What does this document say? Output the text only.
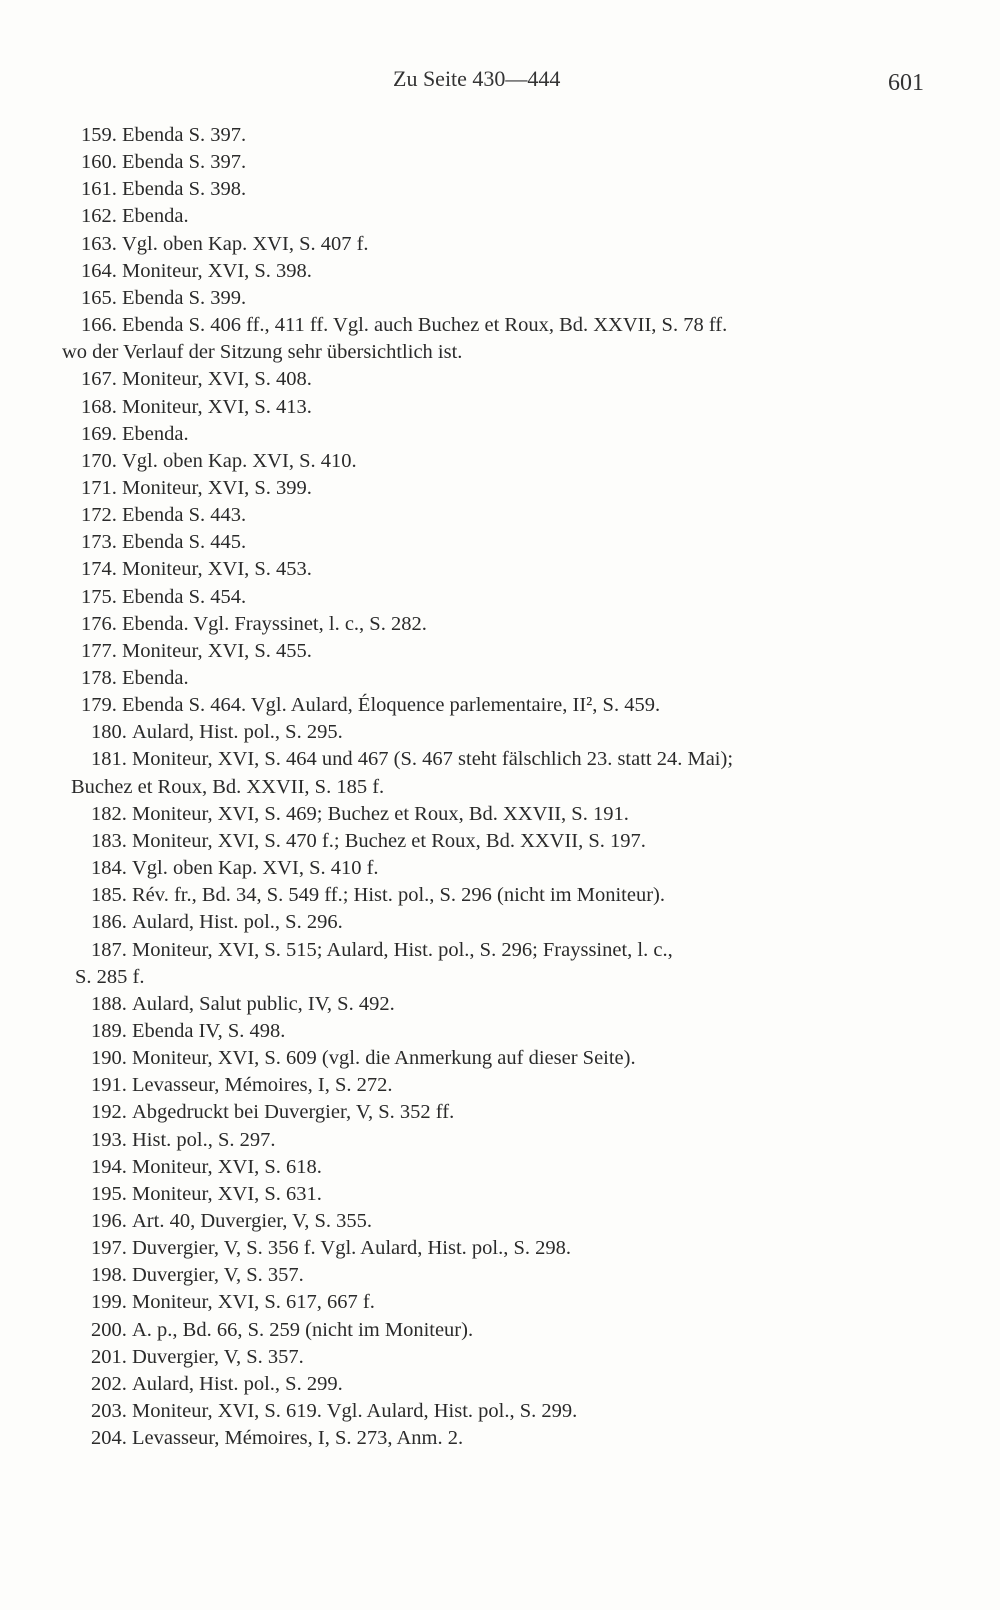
Zu Seite 430—444	601
159. Ebenda S. 397.
160. Ebenda S. 397.
161. Ebenda S. 398.
162. Ebenda.
163. Vgl. oben Kap. XVI, S. 407 f.
164. Moniteur, XVI, S. 398.
165. Ebenda S. 399.
166. Ebenda S. 406 ff., 411 ff. Vgl. auch Buchez et Roux, Bd. XXVII, S. 78 ff.
wo der Verlauf der Sitzung sehr übersichtlich ist.
167. Moniteur, XVI, S. 408.
168. Moniteur, XVI, S. 413.
169. Ebenda.
170. Vgl. oben Kap. XVI, S. 410.
171. Moniteur, XVI, S. 399.
172. Ebenda S. 443.
173. Ebenda S. 445.
174. Moniteur, XVI, S. 453.
175. Ebenda S. 454.
176. Ebenda. Vgl. Frayssinet, l. c., S. 282.
177. Moniteur, XVI, S. 455.
178. Ebenda.
179. Ebenda S. 464. Vgl. Aulard, Éloquence parlementaire, II², S. 459.
180. Aulard, Hist. pol., S. 295.
181. Moniteur, XVI, S. 464 und 467 (S. 467 steht fälschlich 23. statt 24. Mai);
Buchez et Roux, Bd. XXVII, S. 185 f.
182. Moniteur, XVI, S. 469; Buchez et Roux, Bd. XXVII, S. 191.
183. Moniteur, XVI, S. 470 f.; Buchez et Roux, Bd. XXVII, S. 197.
184. Vgl. oben Kap. XVI, S. 410 f.
185. Rév. fr., Bd. 34, S. 549 ff.; Hist. pol., S. 296 (nicht im Moniteur).
186. Aulard, Hist. pol., S. 296.
187. Moniteur, XVI, S. 515; Aulard, Hist. pol., S. 296; Frayssinet, l. c.,
S. 285 f.
188. Aulard, Salut public, IV, S. 492.
189. Ebenda IV, S. 498.
190. Moniteur, XVI, S. 609 (vgl. die Anmerkung auf dieser Seite).
191. Levasseur, Mémoires, I, S. 272.
192. Abgedruckt bei Duvergier, V, S. 352 ff.
193. Hist. pol., S. 297.
194. Moniteur, XVI, S. 618.
195. Moniteur, XVI, S. 631.
196. Art. 40, Duvergier, V, S. 355.
197. Duvergier, V, S. 356 f. Vgl. Aulard, Hist. pol., S. 298.
198. Duvergier, V, S. 357.
199. Moniteur, XVI, S. 617, 667 f.
200. A. p., Bd. 66, S. 259 (nicht im Moniteur).
201. Duvergier, V, S. 357.
202. Aulard, Hist. pol., S. 299.
203. Moniteur, XVI, S. 619. Vgl. Aulard, Hist. pol., S. 299.
204. Levasseur, Mémoires, I, S. 273, Anm. 2.
